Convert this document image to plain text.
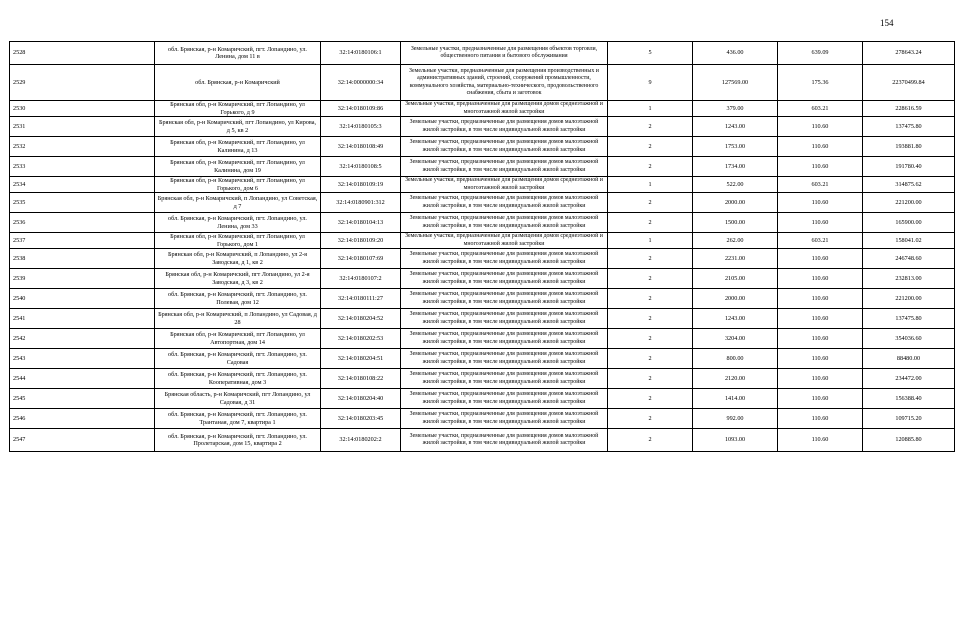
154
2528	обл. Брянская, р-н Комаричский, пгт. Лопандино, ул. Ленина, дом 11 в	32:14:0180106:1	Земельные участки, предназначенные для размещения объектов торговли, общественного питания и бытового обслуживания	5	436.00	639.09	278643.24
2529	обл. Брянская, р-н Комаричский	32:14:0000000:34	Земельные участки, предназначенные для размещения производственных и административных зданий, строений, сооружений промышленности, коммунального хозяйства, материально-технического, продовольственного снабжения, сбыта и заготовок	9	127569.00	175.36	22370499.84
2530	Брянская обл, р-н Комаричский, пгт Лопандино, ул Горького, д 9	32:14:0180109:86	Земельные участки, предназначенные для размещения домов среднеэтажной и многоэтажной жилой застройки	1	379.00	603.21	228616.59
2531	Брянская обл, р-н Комаричский, пгт Лопандино, ул Кирова, д 5, кв 2	32:14:0180105:3	Земельные участки, предназначенные для размещения домов малоэтажной жилой застройки, в том числе индивидуальной жилой застройки	2	1243.00	110.60	137475.80
2532	Брянская обл, р-н Комаричский, пгт Лопандино, ул Калинина, д 13	32:14:0180108:49	Земельные участки, предназначенные для размещения домов малоэтажной жилой застройки, в том числе индивидуальной жилой застройки	2	1753.00	110.60	193881.80
2533	Брянская обл, р-н Комаричский, пгт Лопандино, ул Калинина, дом 19	32:14:0180108:5	Земельные участки, предназначенные для размещения домов малоэтажной жилой застройки, в том числе индивидуальной жилой застройки	2	1734.00	110.60	191780.40
2534	Брянская обл, р-н Комаричский, пгт Лопандино, ул Горького, дом 6	32:14:0180109:19	Земельные участки, предназначенные для размещения домов среднеэтажной и многоэтажной жилой застройки	1	522.00	603.21	314875.62
2535	Брянская обл, р-н Комаричский, п Лопандино, ул Советская, д 7	32:14:0180901:312	Земельные участки, предназначенные для размещения домов малоэтажной жилой застройки, в том числе индивидуальной жилой застройки	2	2000.00	110.60	221200.00
2536	обл. Брянская, р-н Комаричский, пгт. Лопандино, ул. Ленина, дом 33	32:14:0180104:13	Земельные участки, предназначенные для размещения домов малоэтажной жилой застройки, в том числе индивидуальной жилой застройки	2	1500.00	110.60	165900.00
2537	Брянская обл, р-н Комаричский, пгт Лопандино, ул Горького, дом 1	32:14:0180109:20	Земельные участки, предназначенные для размещения домов среднеэтажной и многоэтажной жилой застройки	1	262.00	603.21	158041.02
2538	Брянская обл, р-н Комаричский, п Лопандино, ул 2-я Заводская, д 1, кв 2	32:14:0180107:69	Земельные участки, предназначенные для размещения домов малоэтажной жилой застройки, в том числе индивидуальной жилой застройки	2	2231.00	110.60	246748.60
2539	Брянская обл, р-н Комаричский, пгт Лопандино, ул 2-я Заводская, д 3, кв 2	32:14:0180107:2	Земельные участки, предназначенные для размещения домов малоэтажной жилой застройки, в том числе индивидуальной жилой застройки	2	2105.00	110.60	232813.00
2540	обл. Брянская, р-н Комаричский, пгт. Лопандино, ул. Полевая, дом 12	32:14:0180111:27	Земельные участки, предназначенные для размещения домов малоэтажной жилой застройки, в том числе индивидуальной жилой застройки	2	2000.00	110.60	221200.00
2541	Брянская обл, р-н Комаричский, п Лопандино, ул Садовая, д 28	32:14:0180204:52	Земельные участки, предназначенные для размещения домов малоэтажной жилой застройки, в том числе индивидуальной жилой застройки	2	1243.00	110.60	137475.80
2542	Брянская обл, р-н Комаричский, пгт Лопандино, ул Автопортная, дом 14	32:14:0180202:53	Земельные участки, предназначенные для размещения домов малоэтажной жилой застройки, в том числе индивидуальной жилой застройки	2	3204.00	110.60	354036.60
2543	обл. Брянская, р-н Комаричский, пгт. Лопандино, ул. Садовая	32:14:0180204:51	Земельные участки, предназначенные для размещения домов малоэтажной жилой застройки, в том числе индивидуальной жилой застройки	2	800.00	110.60	88480.00
2544	обл. Брянская, р-н Комаричский, пгт. Лопандино, ул. Кооперативная, дом 3	32:14:0180108:22	Земельные участки, предназначенные для размещения домов малоэтажной жилой застройки, в том числе индивидуальной жилой застройки	2	2120.00	110.60	234472.00
2545	Брянская область, р-н Комаричский, пгт Лопандино, ул Садовая, д 31	32:14:0180204:40	Земельные участки, предназначенные для размещения домов малоэтажной жилой застройки, в том числе индивидуальной жилой застройки	2	1414.00	110.60	156388.40
2546	обл. Брянская, р-н Комаричский, пгт. Лопандино, ул. Трантаная, дом 7, квартира 1	32:14:0180203:45	Земельные участки, предназначенные для размещения домов малоэтажной жилой застройки, в том числе индивидуальной жилой застройки	2	992.00	110.60	109715.20
2547	обл. Брянская, р-н Комаричский, пгт. Лопандино, ул. Пролетарская, дом 15, квартира 2	32:14:0180202:2	Земельные участки, предназначенные для размещения домов малоэтажной жилой застройки, в том числе индивидуальной жилой застройки	2	1093.00	110.60	120885.80
